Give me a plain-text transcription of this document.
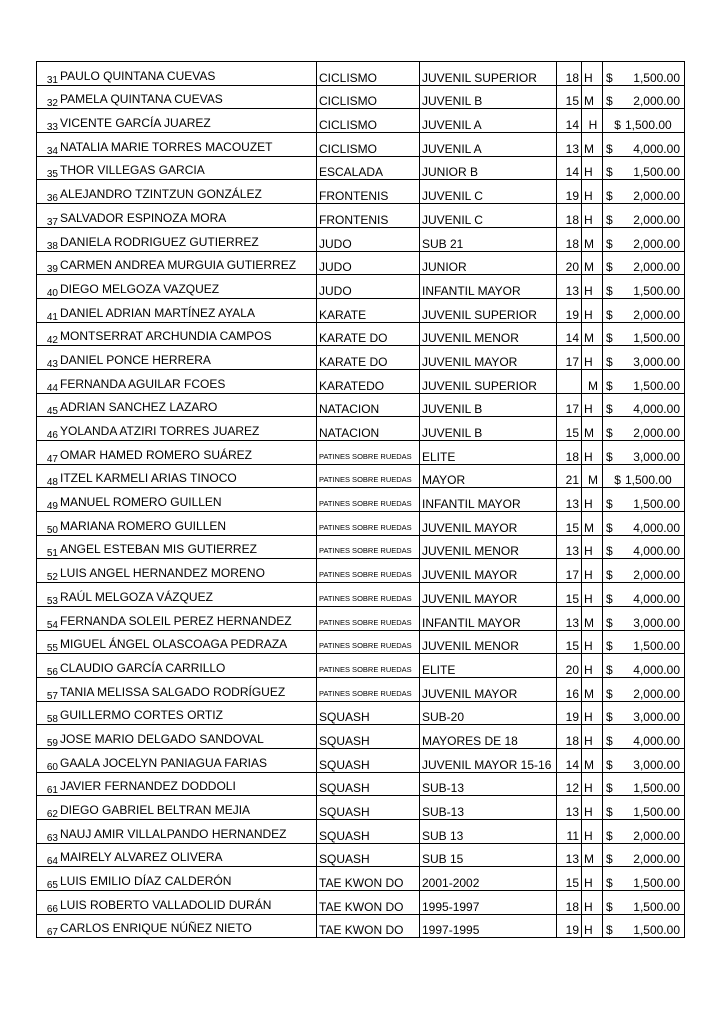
31 PAULO QUINTANA CUEVAS	CICLISMO	JUVENIL SUPERIOR	18	H	$ 1,500.00

32 PAMELA QUINTANA CUEVAS	CICLISMO	JUVENIL B	15	M	$ 2,000.00

33 VICENTE GARCÍA JUAREZ	CICLISMO	JUVENIL A	14	H	$ 1,500.00

34 NATALIA MARIE TORRES MACOUZET	CICLISMO	JUVENIL A	13	M	$ 4,000.00

35 THOR VILLEGAS GARCIA	ESCALADA	JUNIOR B	14	H	$ 1,500.00

36 ALEJANDRO TZINTZUN GONZÁLEZ	FRONTENIS	JUVENIL C	19	H	$ 2,000.00

37 SALVADOR ESPINOZA MORA	FRONTENIS	JUVENIL C	18	H	$ 2,000.00

38 DANIELA RODRIGUEZ GUTIERREZ	JUDO	SUB 21	18	M	$ 2,000.00

39 CARMEN ANDREA MURGUIA GUTIERREZ	JUDO	JUNIOR	20	M	$ 2,000.00

40 DIEGO MELGOZA VAZQUEZ	JUDO	INFANTIL MAYOR	13	H	$ 1,500.00

41 DANIEL ADRIAN MARTÍNEZ AYALA	KARATE	JUVENIL SUPERIOR	19	H	$ 2,000.00

42 MONTSERRAT ARCHUNDIA CAMPOS	KARATE DO	JUVENIL MENOR	14	M	$ 1,500.00

43 DANIEL PONCE HERRERA	KARATE DO	JUVENIL MAYOR	17	H	$ 3,000.00

44 FERNANDA AGUILAR FCOES	KARATEDO	JUVENIL SUPERIOR		M	$ 1,500.00

45 ADRIAN SANCHEZ LAZARO	NATACION	JUVENIL B	17	H	$ 4,000.00

46 YOLANDA ATZIRI TORRES JUAREZ	NATACION	JUVENIL B	15	M	$ 2,000.00

47 OMAR HAMED ROMERO SUÁREZ	PATINES SOBRE RUEDAS	ELITE	18	H	$ 3,000.00

48 ITZEL KARMELI ARIAS TINOCO	PATINES SOBRE RUEDAS	MAYOR	21	M	$ 1,500.00

49 MANUEL ROMERO GUILLEN	PATINES SOBRE RUEDAS	INFANTIL MAYOR	13	H	$ 1,500.00

50 MARIANA ROMERO GUILLEN	PATINES SOBRE RUEDAS	JUVENIL MAYOR	15	M	$ 4,000.00

51 ANGEL ESTEBAN MIS GUTIERREZ	PATINES SOBRE RUEDAS	JUVENIL MENOR	13	H	$ 4,000.00

52 LUIS ANGEL HERNANDEZ MORENO	PATINES SOBRE RUEDAS	JUVENIL MAYOR	17	H	$ 2,000.00

53 RAÚL MELGOZA VÁZQUEZ	PATINES SOBRE RUEDAS	JUVENIL MAYOR	15	H	$ 4,000.00

54 FERNANDA SOLEIL PEREZ HERNANDEZ	PATINES SOBRE RUEDAS	INFANTIL MAYOR	13	M	$ 3,000.00

55 MIGUEL ÁNGEL OLASCOAGA PEDRAZA	PATINES SOBRE RUEDAS	JUVENIL MENOR	15	H	$ 1,500.00

56 CLAUDIO GARCÍA CARRILLO	PATINES SOBRE RUEDAS	ELITE	20	H	$ 4,000.00

57 TANIA MELISSA SALGADO RODRÍGUEZ	PATINES SOBRE RUEDAS	JUVENIL MAYOR	16	M	$ 2,000.00

58 GUILLERMO CORTES ORTIZ	SQUASH	SUB-20	19	H	$ 3,000.00

59 JOSE MARIO DELGADO SANDOVAL	SQUASH	MAYORES DE 18	18	H	$ 4,000.00

60 GAALA JOCELYN PANIAGUA FARIAS	SQUASH	JUVENIL MAYOR 15-16	14	M	$ 3,000.00

61 JAVIER FERNANDEZ DODDOLI	SQUASH	SUB-13	12	H	$ 1,500.00

62 DIEGO GABRIEL BELTRAN MEJIA	SQUASH	SUB-13	13	H	$ 1,500.00

63 NAUJ AMIR VILLALPANDO HERNANDEZ	SQUASH	SUB 13	11	H	$ 2,000.00

64 MAIRELY ALVAREZ OLIVERA	SQUASH	SUB 15	13	M	$ 2,000.00

65 LUIS EMILIO DÍAZ CALDERÓN	TAE KWON DO	2001-2002	15	H	$ 1,500.00

66 LUIS ROBERTO VALLADOLID DURÁN	TAE KWON DO	1995-1997	18	H	$ 1,500.00

67 CARLOS ENRIQUE NÚÑEZ NIETO	TAE KWON DO	1997-1995	19	H	$ 1,500.00
